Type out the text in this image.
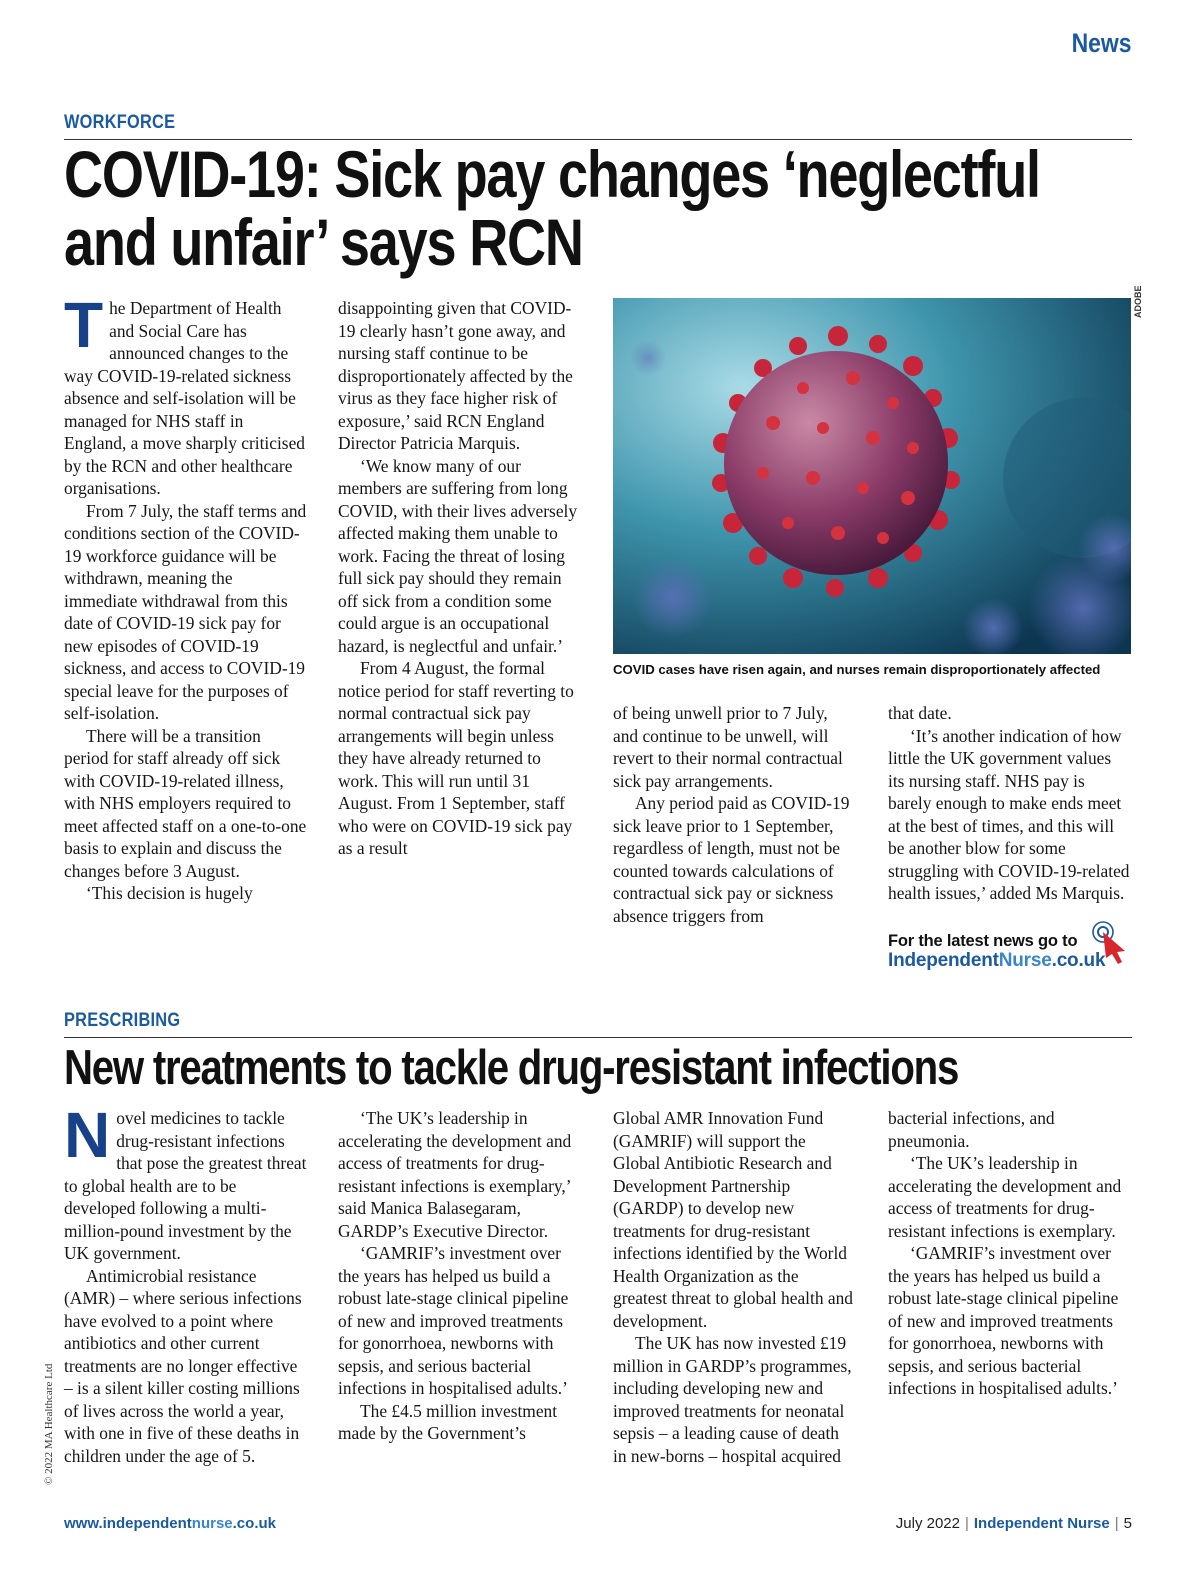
News
WORKFORCE
COVID-19: Sick pay changes ‘neglectful
and unfair’ says RCN
T he Department of Health and Social Care has announced changes to the way COVID-19-related sickness absence and self-isolation will be managed for NHS staff in England, a move sharply criticised by the RCN and other healthcare organisations.

From 7 July, the staff terms and conditions section of the COVID-19 workforce guidance will be withdrawn, meaning the immediate withdrawal from this date of COVID-19 sick pay for new episodes of COVID-19 sickness, and access to COVID-19 special leave for the purposes of self-isolation.

There will be a transition period for staff already off sick with COVID-19-related illness, with NHS employers required to meet affected staff on a one-to-one basis to explain and discuss the changes before 3 August.

‘This decision is hugely

disappointing given that COVID-19 clearly hasn’t gone away, and nursing staff continue to be disproportionately affected by the virus as they face higher risk of exposure,’ said RCN England Director Patricia Marquis.

‘We know many of our members are suffering from long COVID, with their lives adversely affected making them unable to work. Facing the threat of losing full sick pay should they remain off sick from a condition some could argue is an occupational hazard, is neglectful and unfair.’

From 4 August, the formal notice period for staff reverting to normal contractual sick pay arrangements will begin unless they have already returned to work. This will run until 31 August. From 1 September, staff who were on COVID-19 sick pay as a result

ADOBE
COVID cases have risen again, and nurses remain disproportionately affected

of being unwell prior to 7 July, and continue to be unwell, will revert to their normal contractual sick pay arrangements.

Any period paid as COVID-19 sick leave prior to 1 September, regardless of length, must not be counted towards calculations of contractual sick pay or sickness absence triggers from

that date.

‘It’s another indication of how little the UK government values its nursing staff. NHS pay is barely enough to make ends meet at the best of times, and this will be another blow for some struggling with COVID-19-related health issues,’ added Ms Marquis.

For the latest news go to
IndependentNurse.co.uk
PRESCRIBING
New treatments to tackle drug-resistant infections
N ovel medicines to tackle drug-resistant infections that pose the greatest threat to global health are to be developed following a multi-million-pound investment by the UK government.

Antimicrobial resistance (AMR) – where serious infections have evolved to a point where antibiotics and other current treatments are no longer effective – is a silent killer costing millions of lives across the world a year, with one in five of these deaths in children under the age of 5.

‘The UK’s leadership in accelerating the development and access of treatments for drug-resistant infections is exemplary,’ said Manica Balasegaram, GARDP’s Executive Director.

‘GAMRIF’s investment over the years has helped us build a robust late-stage clinical pipeline of new and improved treatments for gonorrhoea, newborns with sepsis, and serious bacterial infections in hospitalised adults.’

The £4.5 million investment made by the Government’s

Global AMR Innovation Fund (GAMRIF) will support the Global Antibiotic Research and Development Partnership (GARDP) to develop new treatments for drug-resistant infections identified by the World Health Organization as the greatest threat to global health and development.

The UK has now invested £19 million in GARDP’s programmes, including developing new and improved treatments for neonatal sepsis – a leading cause of death in new-borns – hospital acquired

bacterial infections, and pneumonia.

‘The UK’s leadership in accelerating the development and access of treatments for drug-resistant infections is exemplary.

‘GAMRIF’s investment over the years has helped us build a robust late-stage clinical pipeline of new and improved treatments for gonorrhoea, newborns with sepsis, and serious bacterial infections in hospitalised adults.’

© 2022 MA Healthcare Ltd
www.independentnurse.co.uk	July 2022 | Independent Nurse | 5
